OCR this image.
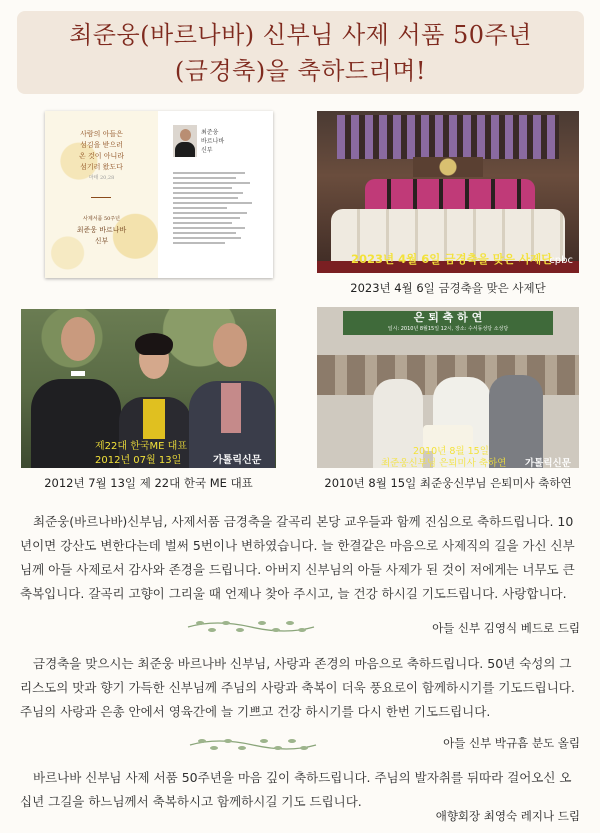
최준웅(바르나바) 신부님 사제 서품 50주년
(금경축)을 축하드리며!
사람의 아들은
섬김을 받으러
온 것이 아니라
섬기러 왔도다
마태 20,28
사제서품 50주년
최준웅 바르나바
신부
최준웅
바르나바
신부
2023년 4월 6일 금경축을 맞은 사제단
cpbc
2023년 4월 6일 금경축을 맞은 사제단
제22대 한국ME 대표
2012년 07월 13일	가톨릭신문
2012년 7월 13일 제 22대 한국 ME 대표
은 퇴 축 하 연
일시: 2010년 8월15일 12시, 장소: 수서동성당 소성당
2010년 8월 15일
최준웅신부님 은퇴미사 축하연 가톨릭신문
2010년 8월 15일 최준웅신부님 은퇴미사 축하연

최준웅(바르나바)신부님, 사제서품 금경축을 갈곡리 본당 교우들과 함께 진심으로 축하드립니다. 10년이면 강산도 변한다는데 벌써 5번이나 변하였습니다. 늘 한결같은 마음으로 사제직의 길을 가신 신부님께 아들 사제로서 감사와 존경을 드립니다. 아버지 신부님의 아들 사제가 된 것이 저에게는 너무도 큰 축복입니다. 갈곡리 고향이 그리울 때 언제나 찾아 주시고, 늘 건강 하시길 기도드립니다. 사랑합니다.

아들 신부 김영식 베드로 드림

금경축을 맞으시는 최준웅 바르나바 신부님, 사랑과 존경의 마음으로 축하드립니다. 50년 숙성의 그리스도의 맛과 향기 가득한 신부님께 주님의 사랑과 축복이 더욱 풍요로이 함께하시기를 기도드립니다. 주님의 사랑과 은총 안에서 영육간에 늘 기쁘고 건강 하시기를 다시 한번 기도드립니다.

아들 신부 박규흠 분도 올림

바르나바 신부님 사제 서품 50주년을 마음 깊이 축하드립니다. 주님의 발자취를 뒤따라 걸어오신 오십년 그길을 하느님께서 축복하시고 함께하시길 기도 드립니다.

애향회장 최영숙 레지나 드림
